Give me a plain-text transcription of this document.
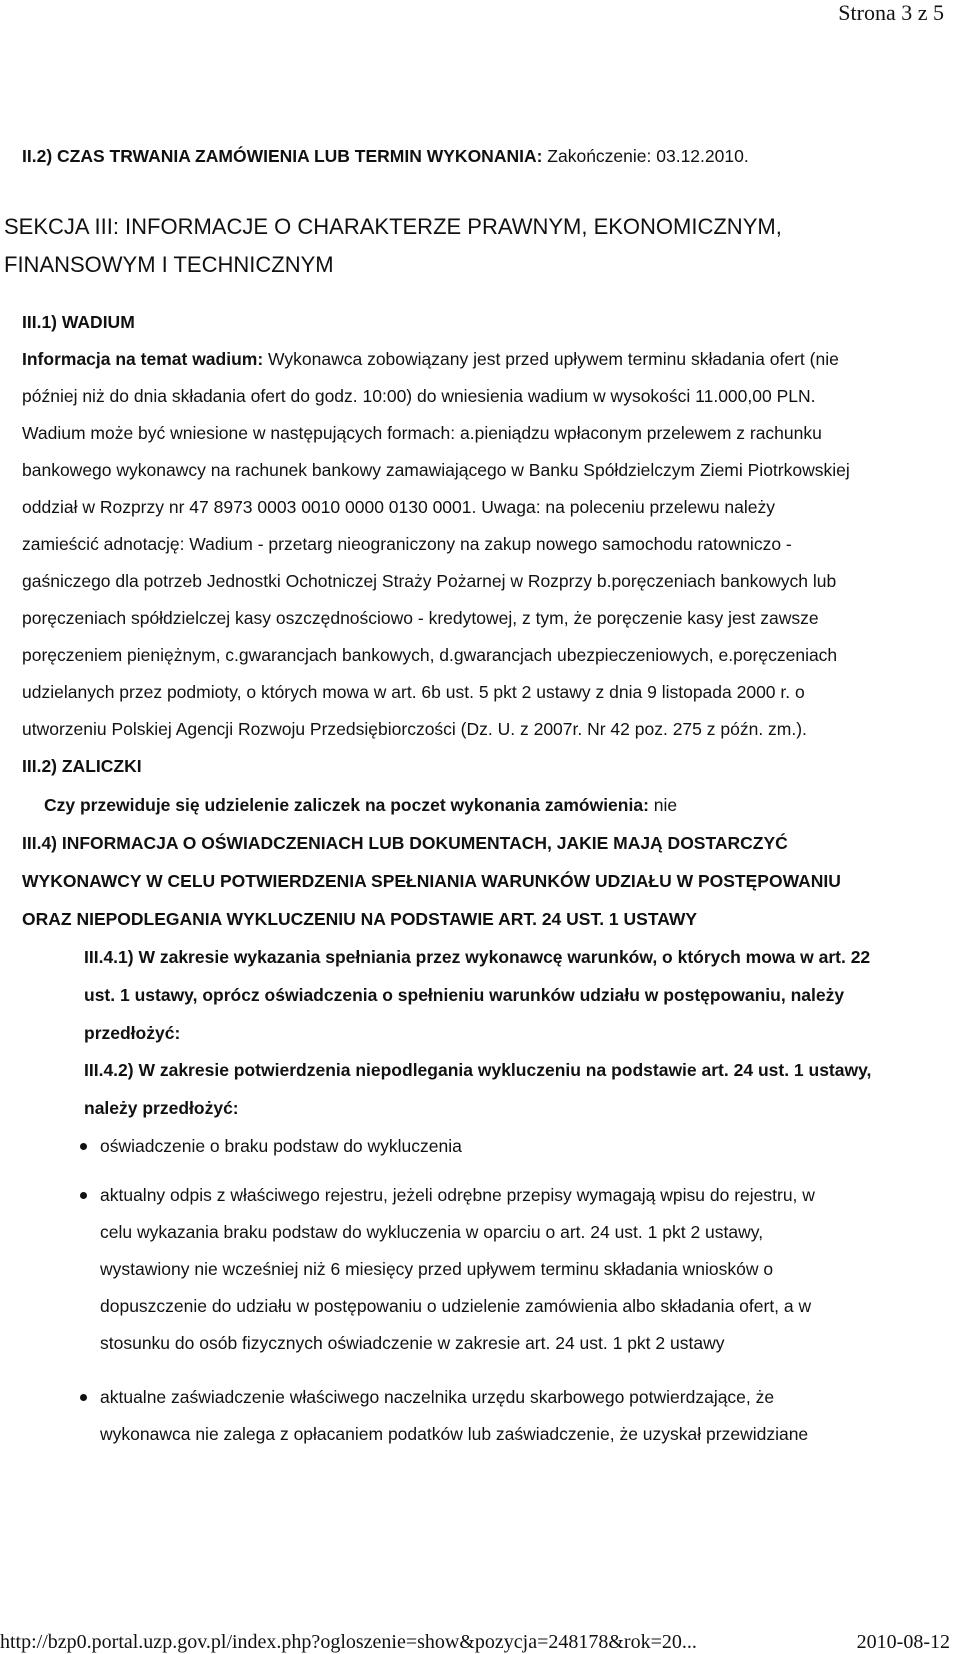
Strona 3 z 5
II.2) CZAS TRWANIA ZAMÓWIENIA LUB TERMIN WYKONANIA: Zakończenie: 03.12.2010.
SEKCJA III: INFORMACJE O CHARAKTERZE PRAWNYM, EKONOMICZNYM,
FINANSOWYM I TECHNICZNYM
III.1) WADIUM
Informacja na temat wadium: Wykonawca zobowiązany jest przed upływem terminu składania ofert (nie
później niż do dnia składania ofert do godz. 10:00) do wniesienia wadium w wysokości 11.000,00 PLN.
Wadium może być wniesione w następujących formach: a.pieniądzu wpłaconym przelewem z rachunku
bankowego wykonawcy na rachunek bankowy zamawiającego w Banku Spółdzielczym Ziemi Piotrkowskiej
oddział w Rozprzy nr 47 8973 0003 0010 0000 0130 0001. Uwaga: na poleceniu przelewu należy
zamieścić adnotację: Wadium - przetarg nieograniczony na zakup nowego samochodu ratowniczo -
gaśniczego dla potrzeb Jednostki Ochotniczej Straży Pożarnej w Rozprzy b.poręczeniach bankowych lub
poręczeniach spółdzielczej kasy oszczędnościowo - kredytowej, z tym, że poręczenie kasy jest zawsze
poręczeniem pieniężnym, c.gwarancjach bankowych, d.gwarancjach ubezpieczeniowych, e.poręczeniach
udzielanych przez podmioty, o których mowa w art. 6b ust. 5 pkt 2 ustawy z dnia 9 listopada 2000 r. o
utworzeniu Polskiej Agencji Rozwoju Przedsiębiorczości (Dz. U. z 2007r. Nr 42 poz. 275 z późn. zm.).
III.2) ZALICZKI
Czy przewiduje się udzielenie zaliczek na poczet wykonania zamówienia: nie
III.4) INFORMACJA O OŚWIADCZENIACH LUB DOKUMENTACH, JAKIE MAJĄ DOSTARCZYĆ
WYKONAWCY W CELU POTWIERDZENIA SPEŁNIANIA WARUNKÓW UDZIAŁU W POSTĘPOWANIU
ORAZ NIEPODLEGANIA WYKLUCZENIU NA PODSTAWIE ART. 24 UST. 1 USTAWY
III.4.1) W zakresie wykazania spełniania przez wykonawcę warunków, o których mowa w art. 22
ust. 1 ustawy, oprócz oświadczenia o spełnieniu warunków udziału w postępowaniu, należy
przedłożyć:
III.4.2) W zakresie potwierdzenia niepodlegania wykluczeniu na podstawie art. 24 ust. 1 ustawy,
należy przedłożyć:
oświadczenie o braku podstaw do wykluczenia
aktualny odpis z właściwego rejestru, jeżeli odrębne przepisy wymagają wpisu do rejestru, w
celu wykazania braku podstaw do wykluczenia w oparciu o art. 24 ust. 1 pkt 2 ustawy,
wystawiony nie wcześniej niż 6 miesięcy przed upływem terminu składania wniosków o
dopuszczenie do udziału w postępowaniu o udzielenie zamówienia albo składania ofert, a w
stosunku do osób fizycznych oświadczenie w zakresie art. 24 ust. 1 pkt 2 ustawy
aktualne zaświadczenie właściwego naczelnika urzędu skarbowego potwierdzające, że
wykonawca nie zalega z opłacaniem podatków lub zaświadczenie, że uzyskał przewidziane
http://bzp0.portal.uzp.gov.pl/index.php?ogloszenie=show&pozycja=248178&rok=20...	2010-08-12
